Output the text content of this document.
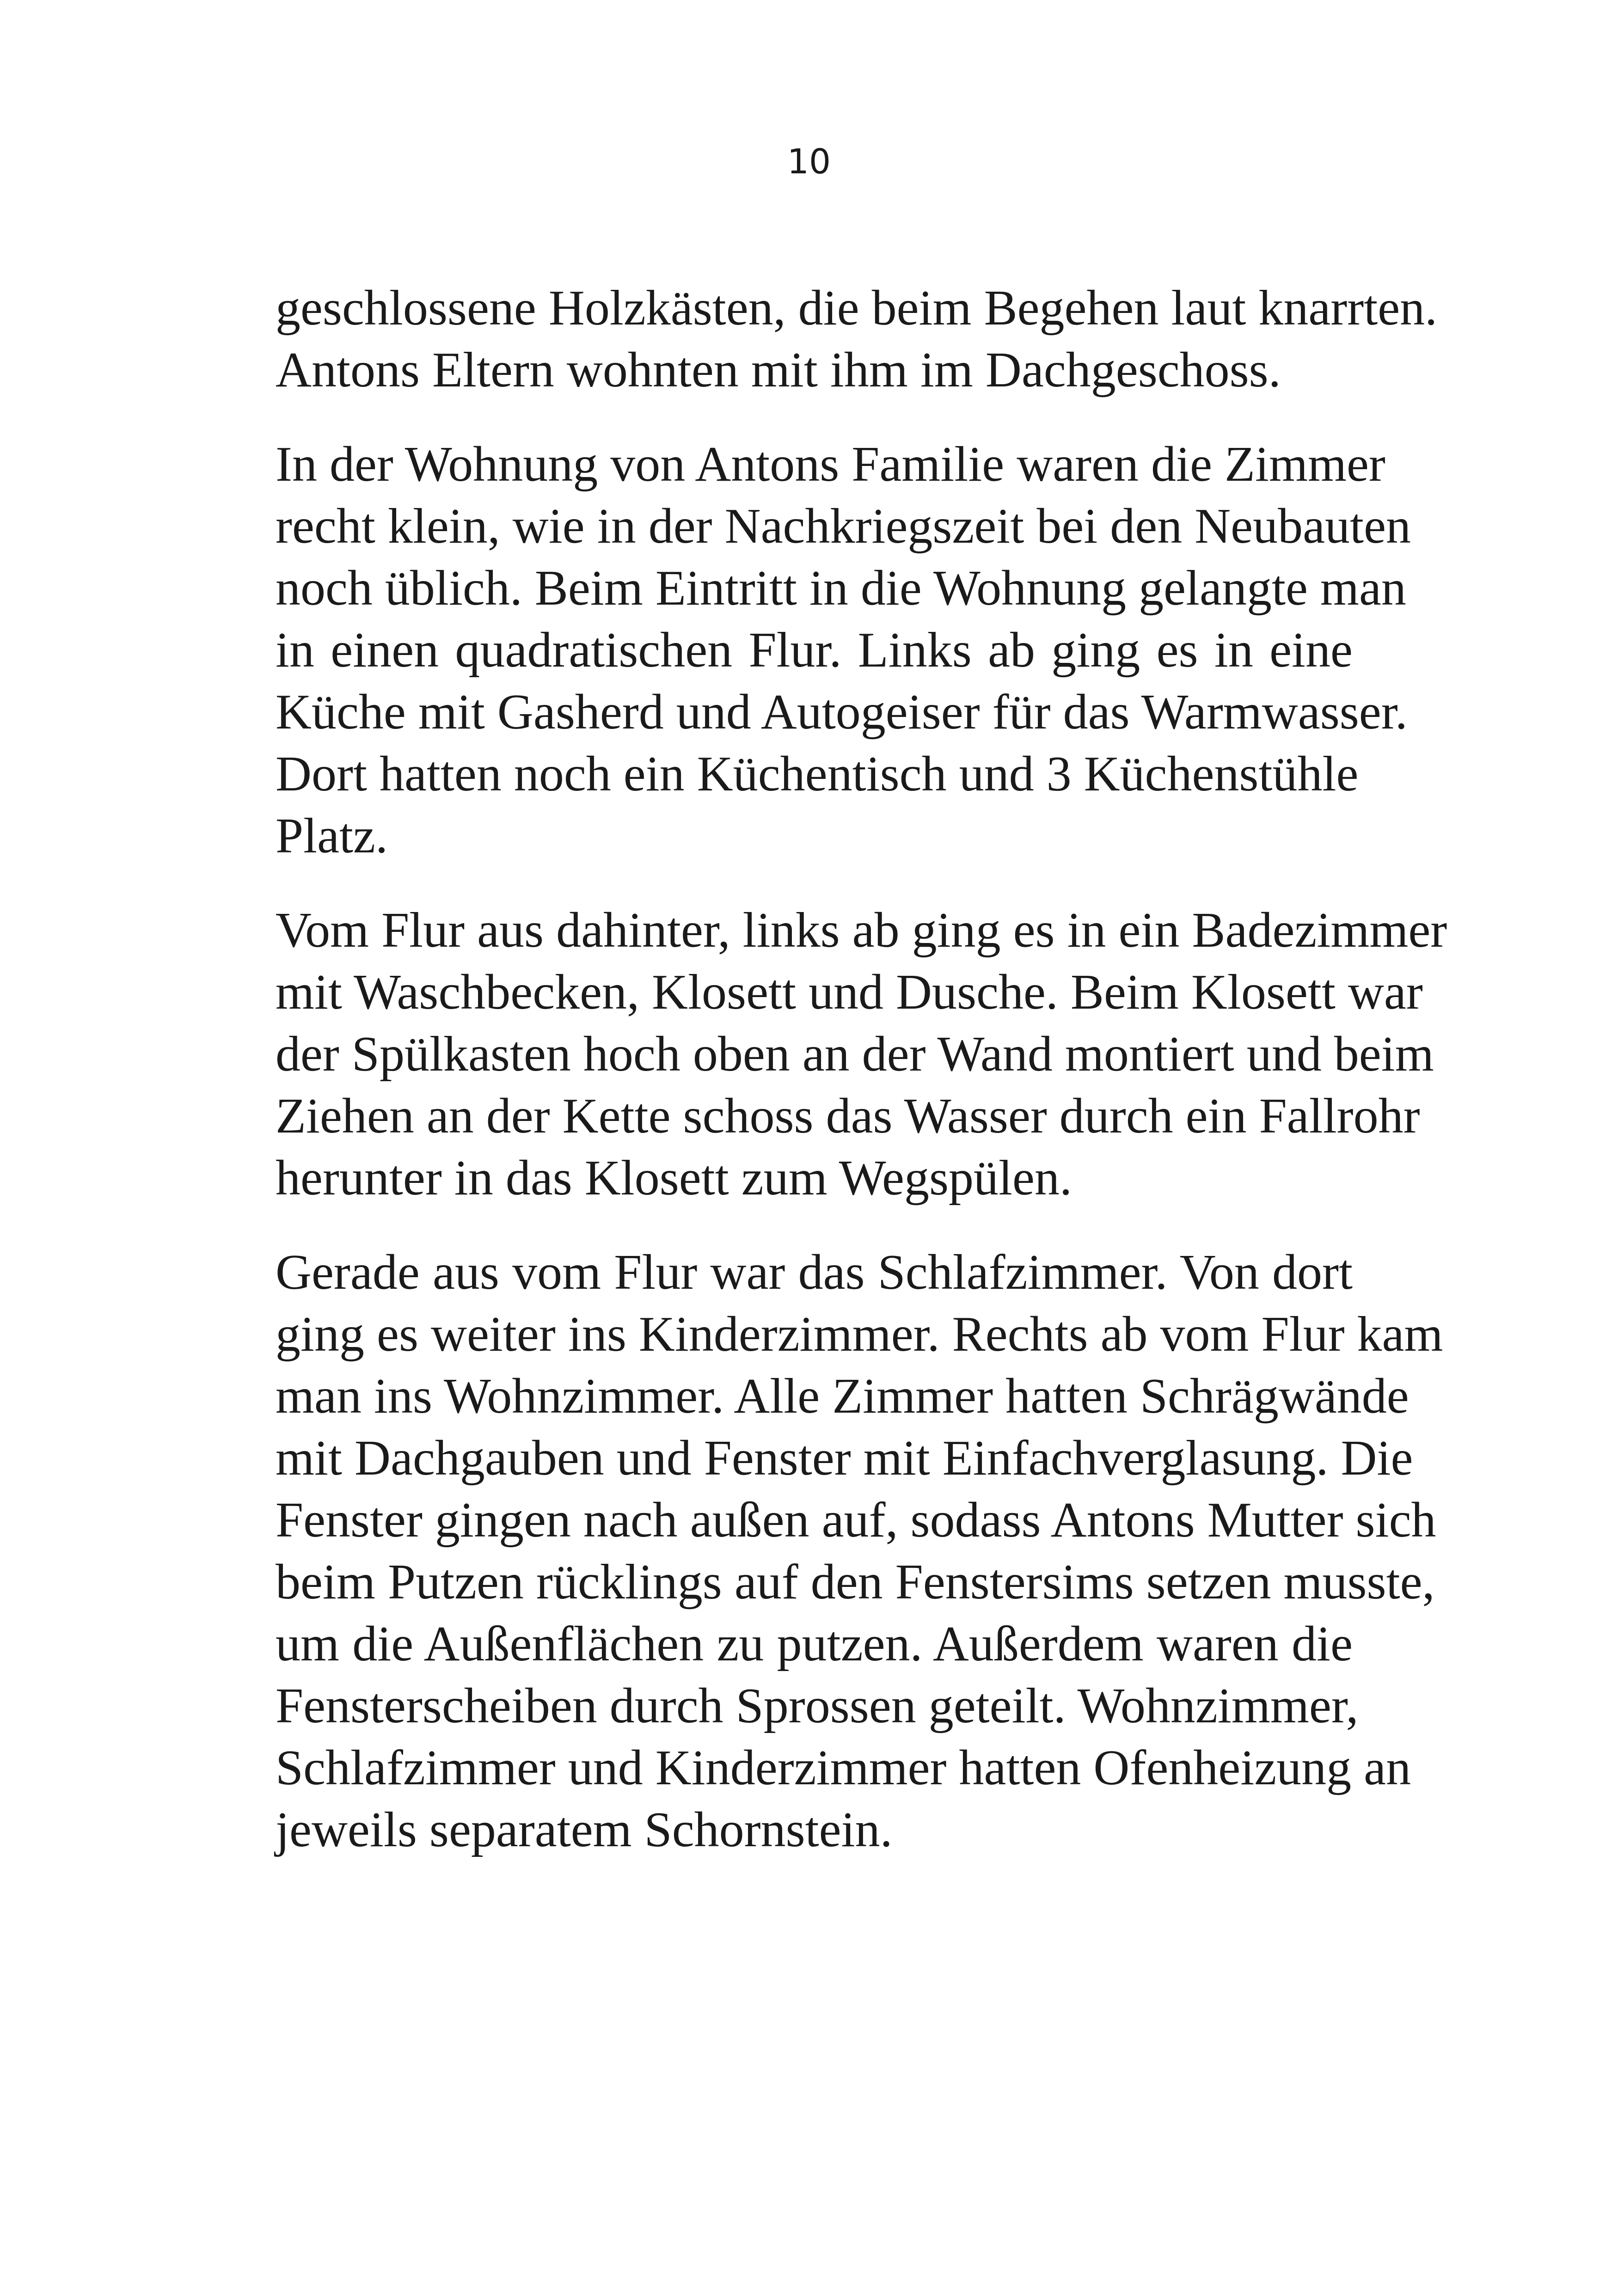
10

geschlossene Holzkästen, die beim Begehen laut knarrten.
Antons Eltern wohnten mit ihm im Dachgeschoss.

In der Wohnung von Antons Familie waren die Zimmer
recht klein, wie in der Nachkriegszeit bei den Neubauten
noch üblich. Beim Eintritt in die Wohnung gelangte man
in einen quadratischen Flur. Links ab ging es in eine
Küche mit Gasherd und Autogeiser für das Warmwasser.
Dort hatten noch ein Küchentisch und 3 Küchenstühle
Platz.

Vom Flur aus dahinter, links ab ging es in ein Badezimmer
mit Waschbecken, Klosett und Dusche. Beim Klosett war
der Spülkasten hoch oben an der Wand montiert und beim
Ziehen an der Kette schoss das Wasser durch ein Fallrohr
herunter in das Klosett zum Wegspülen.

Gerade aus vom Flur war das Schlafzimmer. Von dort
ging es weiter ins Kinderzimmer. Rechts ab vom Flur kam
man ins Wohnzimmer. Alle Zimmer hatten Schrägwände
mit Dachgauben und Fenster mit Einfachverglasung. Die
Fenster gingen nach außen auf, sodass Antons Mutter sich
beim Putzen rücklings auf den Fenstersims setzen musste,
um die Außenflächen zu putzen. Außerdem waren die
Fensterscheiben durch Sprossen geteilt. Wohnzimmer,
Schlafzimmer und Kinderzimmer hatten Ofenheizung an
jeweils separatem Schornstein.
